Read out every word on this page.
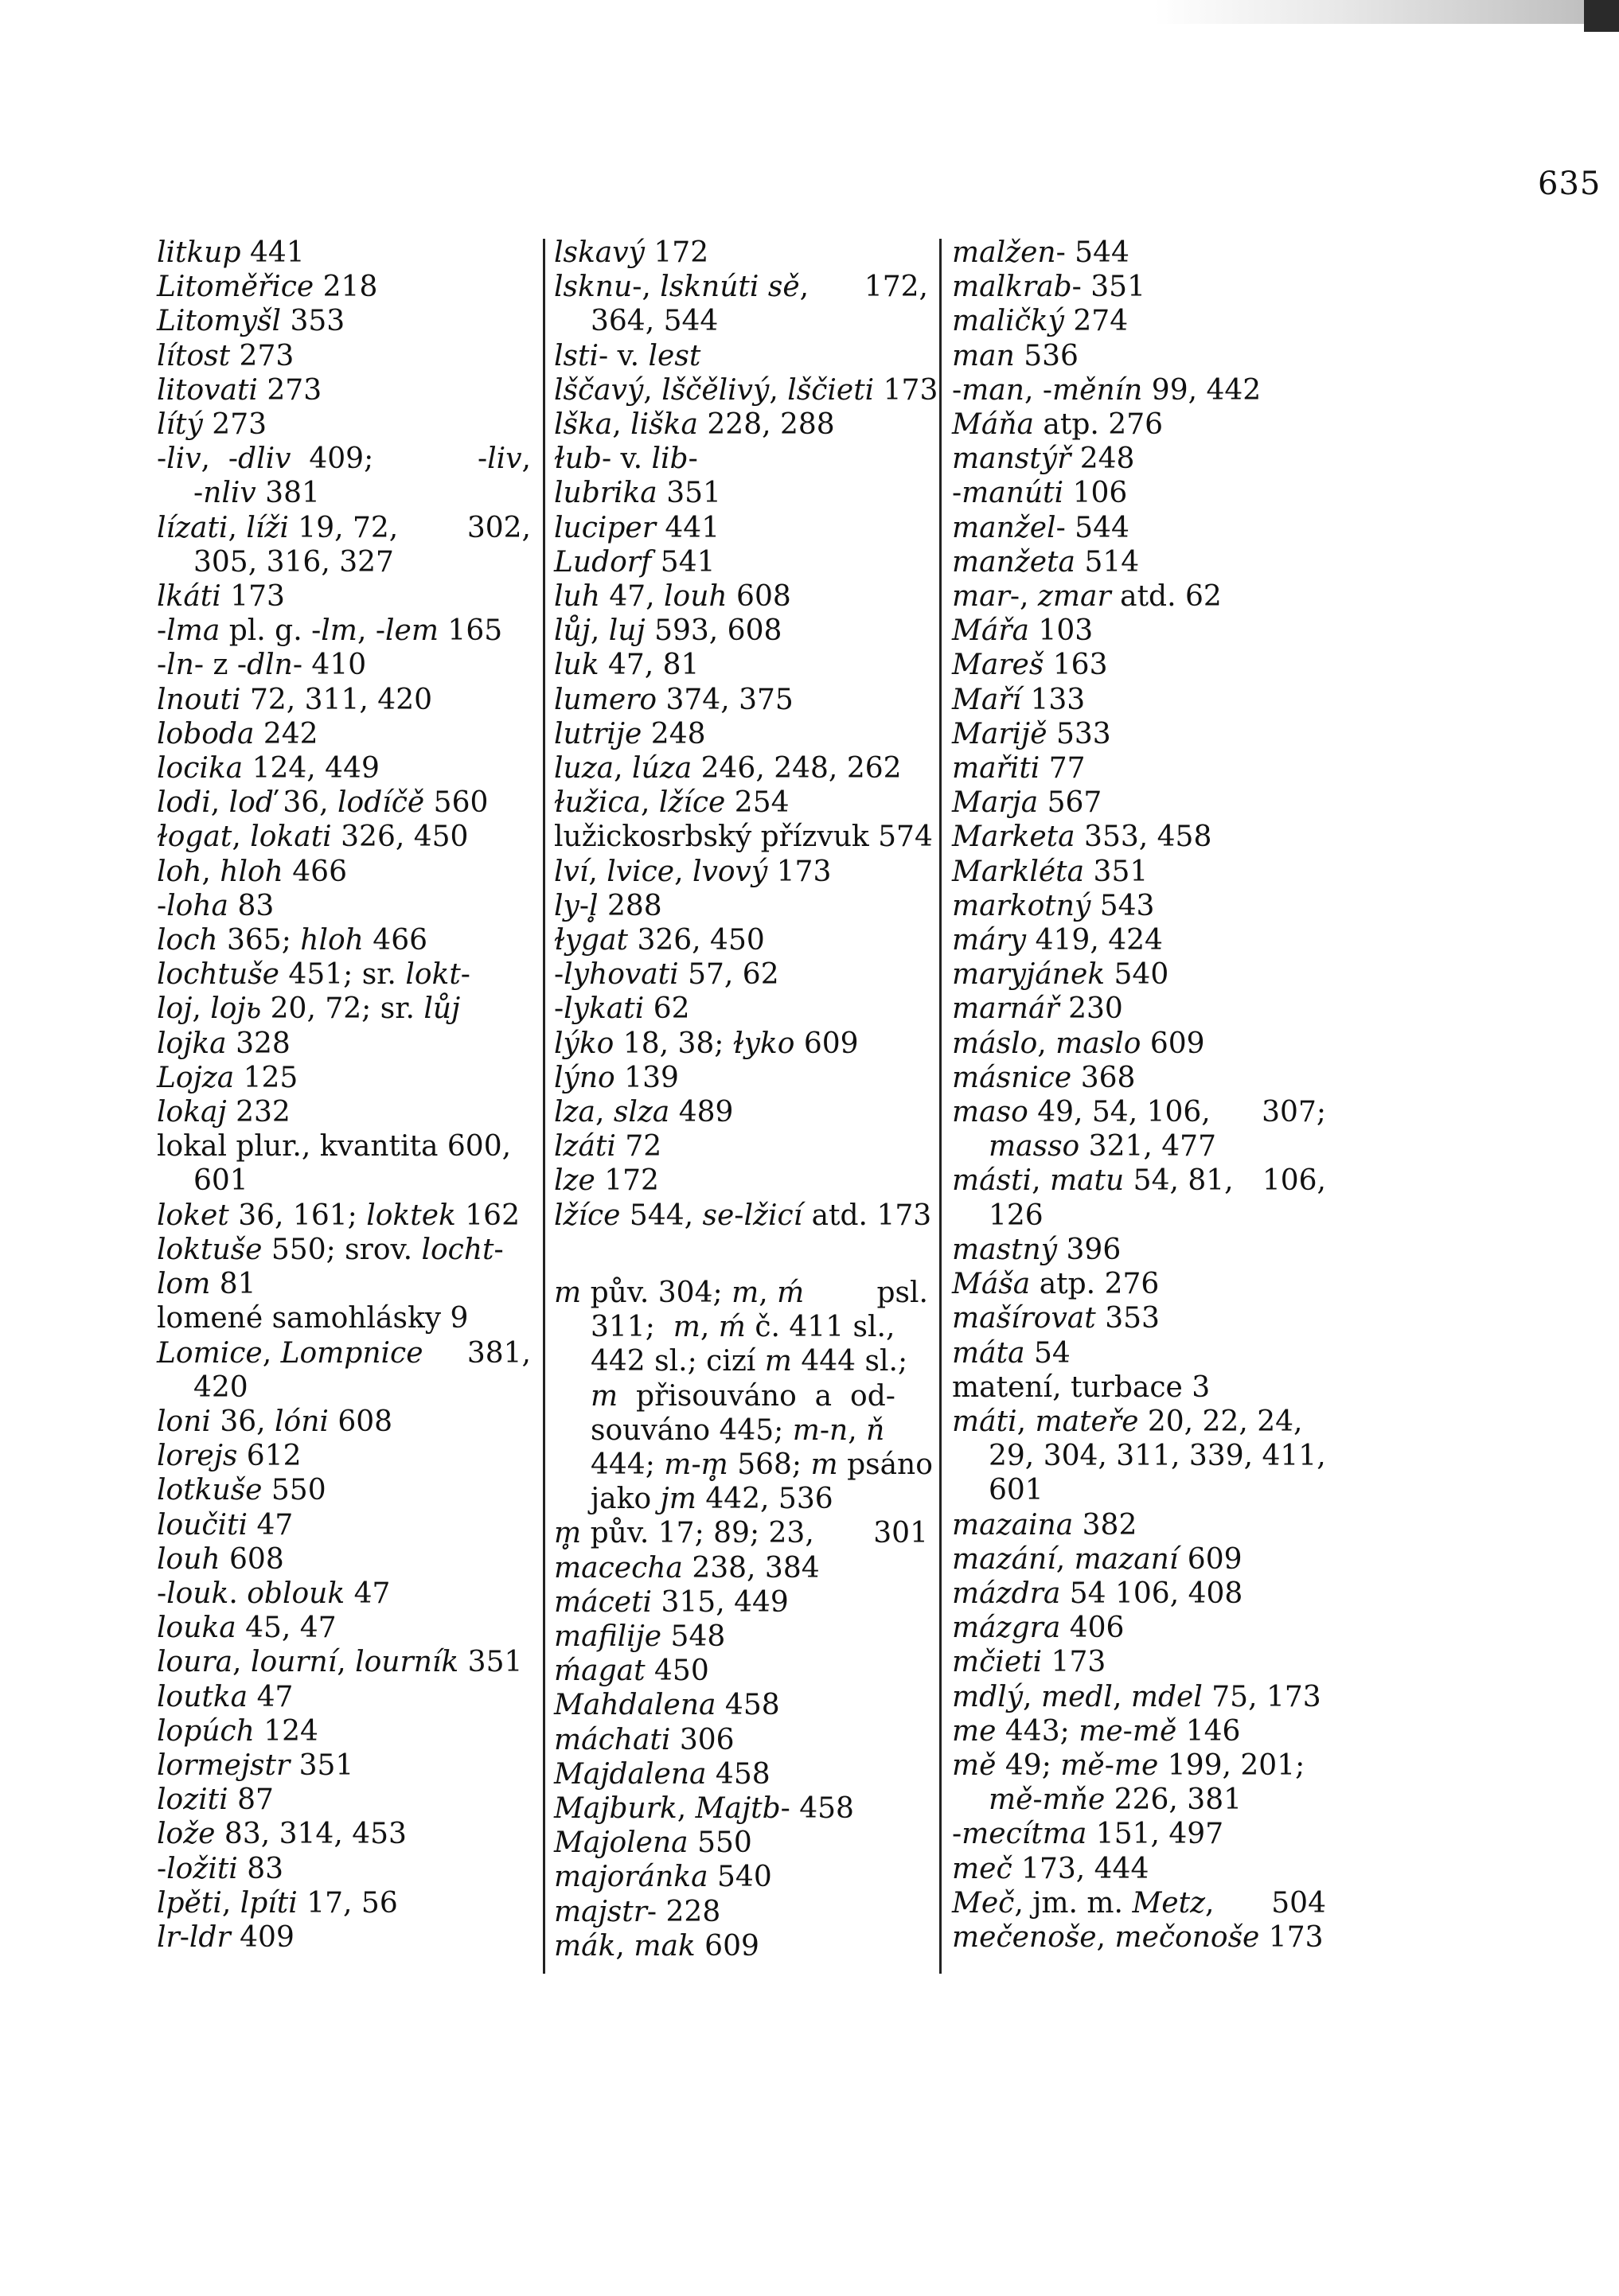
635
litkup 441
Litoměřice 218
Litomyšl 353
lítost 273
litovati 273
lítý 273
-liv,  -dliv  409;	-liv,
-nliv 381
lízati, líži 19, 72, 302,
305, 316, 327
lkáti 173
-lma pl. g. -lm, -lem 165
-ln- z -dln- 410
lnouti 72, 311, 420
loboda 242
locika 124, 449
lodi, loď 36, lodíčě 560
ɫogat, lokati 326, 450
loh, hloh 466
-loha 83
loch 365; hloh 466
lochtuše 451; sr. lokt-
loj, lojь 20, 72; sr. lůj
lojka 328
Lojza 125
lokaj 232
lokal plur., kvantita 600,
601
loket 36, 161; loktek 162
loktuše 550; srov. locht-
lom 81
lomené samohlásky 9
Lomice, Lompnice 381,
420
loni 36, lóni 608
lorejs 612
lotkuše 550
loučiti 47
louh 608
-louk. oblouk 47
louka 45, 47
loura, lourní, lourník 351
loutka 47
lopúch 124
lormejstr 351
loziti 87
lože 83, 314, 453
-ložiti 83
lpěti, lpíti 17, 56
lr-ldr 409
lskavý 172
lsknu-, lsknúti sě, 172,
364, 544
lsti- v. lest
lščavý, lščělivý, lščieti 173
lška, liška 228, 288
ɫub- v. lib-
lubrika 351
luciper 441
Ludorf 541
luh 47, louh 608
lůj, luj 593, 608
luk 47, 81
lumero 374, 375
lutrije 248
luza, lúza 246, 248, 262
ɫužica, lžíce 254
lužickosrbský přízvuk 574
lví, lvice, lvový 173
ly-l̥ 288
ɫygat 326, 450
-lyhovati 57, 62
-lykati 62
lýko 18, 38; ɫyko 609
lýno 139
lza, slza 489
lzáti 72
lze 172
lžíce 544, se-lžicí atd. 173
m pův. 304; m, ḿ	psl.
311;  m, ḿ č. 411 sl.,
442 sl.; cizí m 444 sl.;
m  přisouváno  a  od-
souváno 445; m-n, ň
444; m-m̥ 568; m psáno
jako jm 442, 536
m̥ pův. 17; 89; 23, 301
macecha 238, 384
máceti 315, 449
mafilije 548
ḿagat 450
Mahdalena 458
máchati 306
Majdalena 458
Majburk, Majtb- 458
Majolena 550
majoránka 540
majstr- 228
mák, mak 609
malžen- 544
malkrab- 351
maličký 274
man 536
-man, -měnín 99, 442
Máňa atp. 276
manstýř 248
-manúti 106
manžel- 544
manžeta 514
mar-, zmar atd. 62
Mářa 103
Mareš 163
Maří 133
Marijě 533
mařiti 77
Marja 567
Marketa 353, 458
Markléta 351
markotný 543
máry 419, 424
maryjánek 540
marnář 230
máslo, maslo 609
másnice 368
maso 49, 54, 106, 307;
masso 321, 477
másti, matu 54, 81, 106,
126
mastný 396
Máša atp. 276
mašírovat 353
máta 54
matení, turbace 3
máti, mateře 20, 22, 24,
29, 304, 311, 339, 411,
601
mazaina 382
mazání, mazaní 609
mázdra 54 106, 408
mázgra 406
mčieti 173
mdlý, medl, mdel 75, 173
me 443; me-mě 146
mě 49; mě-me 199, 201;
mě-mňe 226, 381
-mecítma 151, 497
meč 173, 444
Meč, jm. m. Metz, 504
mečenoše, mečonoše 173
